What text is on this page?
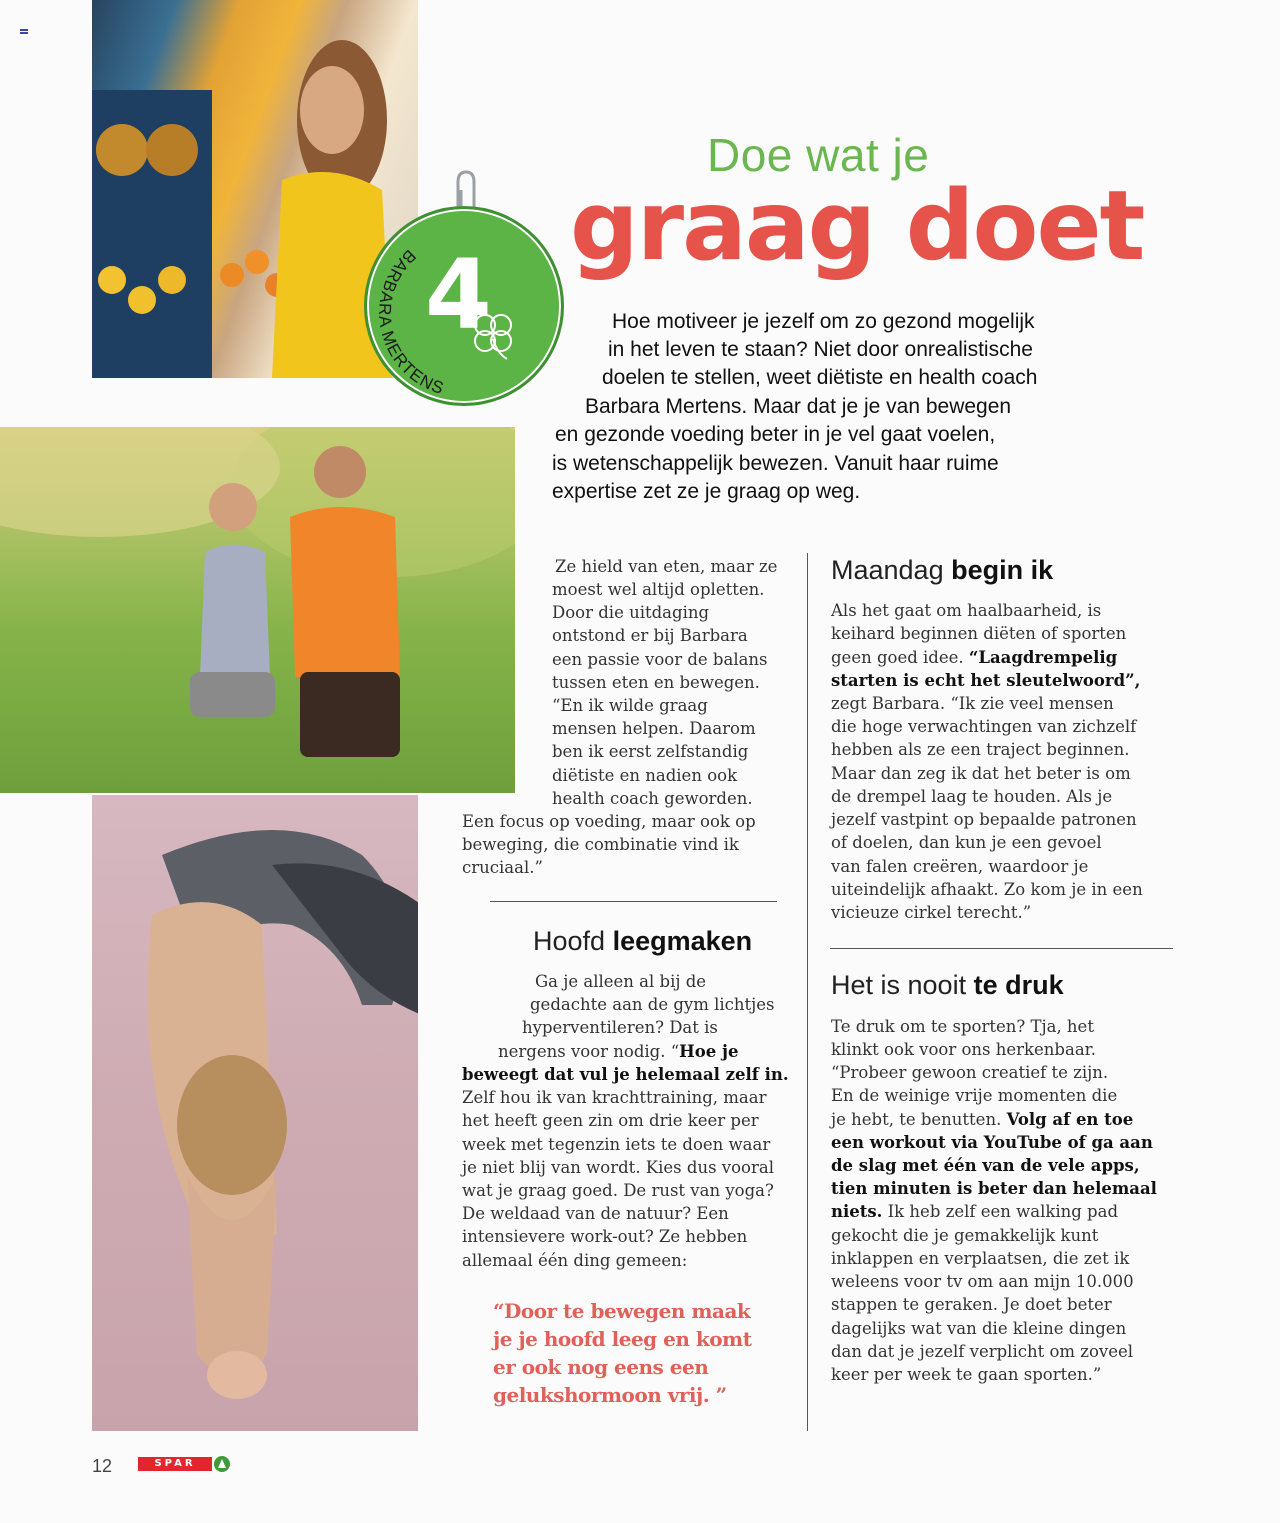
4
BARBARA MERTENS
Doe wat je
graag doet
Hoe motiveer je jezelf om zo gezond mogelijk
in het leven te staan? Niet door onrealistische
doelen te stellen, weet diëtiste en health coach
Barbara Mertens. Maar dat je je van bewegen
en gezonde voeding beter in je vel gaat voelen,
is wetenschappelijk bewezen. Vanuit haar ruime
expertise zet ze je graag op weg.
Ze hield van eten, maar ze
moest wel altijd opletten.
Door die uitdaging
ontstond er bij Barbara
een passie voor de balans
tussen eten en bewegen.
“En ik wilde graag
mensen helpen. Daarom
ben ik eerst zelfstandig
diëtiste en nadien ook
health coach geworden.
Een focus op voeding, maar ook op
beweging, die combinatie vind ik
cruciaal.”
Hoofd leegmaken
Ga je alleen al bij de
gedachte aan de gym lichtjes
hyperventileren? Dat is
nergens voor nodig. “Hoe je
beweegt dat vul je helemaal zelf in.
Zelf hou ik van krachttraining, maar
het heeft geen zin om drie keer per
week met tegenzin iets te doen waar
je niet blij van wordt. Kies dus vooral
wat je graag goed. De rust van yoga?
De weldaad van de natuur? Een
intensievere work-out? Ze hebben
allemaal één ding gemeen:
“Door te bewegen maak
je je hoofd leeg en komt
er ook nog eens een
gelukshormoon vrij. ”
Maandag begin ik
Als het gaat om haalbaarheid, is
keihard beginnen diëten of sporten
geen goed idee. “Laagdrempelig
starten is echt het sleutelwoord”,
zegt Barbara. “Ik zie veel mensen
die hoge verwachtingen van zichzelf
hebben als ze een traject beginnen.
Maar dan zeg ik dat het beter is om
de drempel laag te houden. Als je
jezelf vastpint op bepaalde patronen
of doelen, dan kun je een gevoel
van falen creëren, waardoor je
uiteindelijk afhaakt. Zo kom je in een
vicieuze cirkel terecht.”
Het is nooit te druk
Te druk om te sporten? Tja, het
klinkt ook voor ons herkenbaar.
“Probeer gewoon creatief te zijn.
En de weinige vrije momenten die
je hebt, te benutten. Volg af en toe
een workout via YouTube of ga aan
de slag met één van de vele apps,
tien minuten is beter dan helemaal
niets. Ik heb zelf een walking pad
gekocht die je gemakkelijk kunt
inklappen en verplaatsen, die zet ik
weleens voor tv om aan mijn 10.000
stappen te geraken. Je doet beter
dagelijks wat van die kleine dingen
dan dat je jezelf verplicht om zoveel
keer per week te gaan sporten.”
12	SPAR
